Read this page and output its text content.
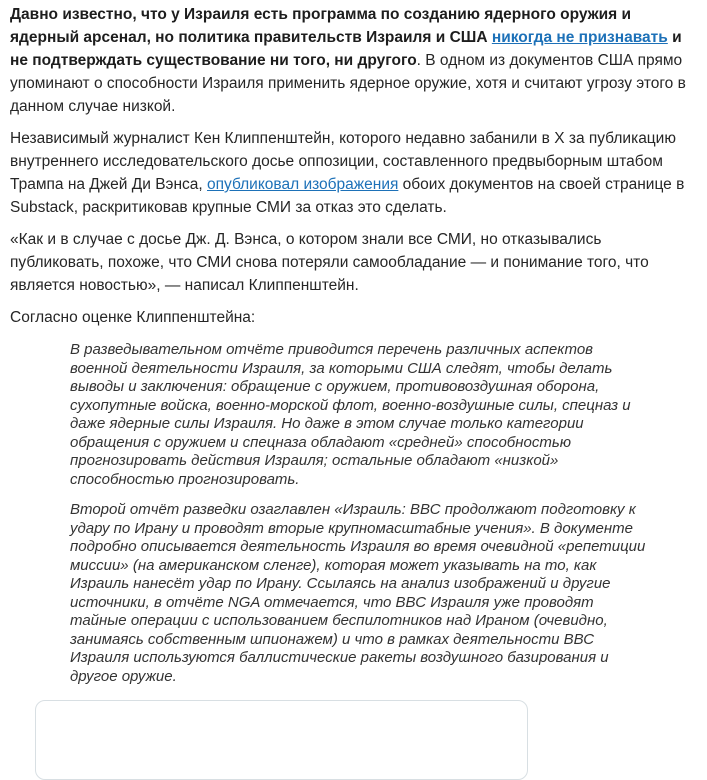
Давно известно, что у Израиля есть программа по созданию ядерного оружия и ядерный арсенал, но политика правительств Израиля и США никогда не признавать и не подтверждать существование ни того, ни другого. В одном из документов США прямо упоминают о способности Израиля применить ядерное оружие, хотя и считают угрозу этого в данном случае низкой.

Независимый журналист Кен Клиппенштейн, которого недавно забанили в X за публикацию внутреннего исследовательского досье оппозиции, составленного предвыборным штабом Трампа на Джей Ди Вэнса, опубликовал изображения обоих документов на своей странице в Substack, раскритиковав крупные СМИ за отказ это сделать.

«Как и в случае с досье Дж. Д. Вэнса, о котором знали все СМИ, но отказывались публиковать, похоже, что СМИ снова потеряли самообладание — и понимание того, что является новостью», — написал Клиппенштейн.

Согласно оценке Клиппенштейна:

В разведывательном отчёте приводится перечень различных аспектов военной деятельности Израиля, за которыми США следят, чтобы делать выводы и заключения: обращение с оружием, противовоздушная оборона, сухопутные войска, военно-морской флот, военно-воздушные силы, спецназ и даже ядерные силы Израиля. Но даже в этом случае только категории обращения с оружием и спецназа обладают «средней» способностью прогнозировать действия Израиля; остальные обладают «низкой» способностью прогнозировать.

Второй отчёт разведки озаглавлен «Израиль: ВВС продолжают подготовку к удару по Ирану и проводят вторые крупномасштабные учения». В документе подробно описывается деятельность Израиля во время очевидной «репетиции миссии» (на американском сленге), которая может указывать на то, как Израиль нанесёт удар по Ирану. Ссылаясь на анализ изображений и другие источники, в отчёте NGA отмечается, что ВВС Израиля уже проводят тайные операции с использованием беспилотников над Ираном (очевидно, занимаясь собственным шпионажем) и что в рамках деятельности ВВС Израиля используются баллистические ракеты воздушного базирования и другое оружие.
